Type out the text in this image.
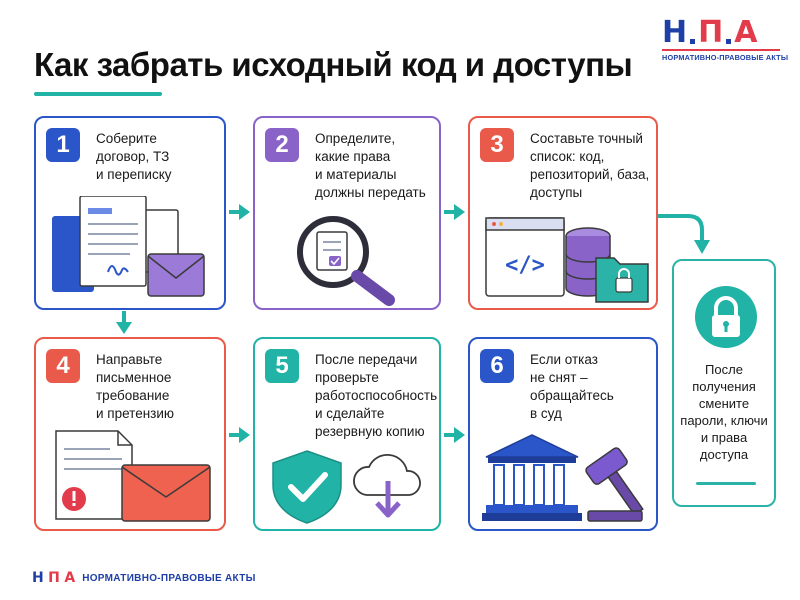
Как забрать исходный код и доступы
Н П А
НОРМАТИВНО-ПРАВОВЫЕ АКТЫ
1	Соберите
договор, ТЗ
и переписку
2	Определите,
какие права
и материалы
должны передать
3	Составьте точный
список: код,
репозиторий, база,
доступы
</>
4	Направьте
письменное
требование
и претензию
5	После передачи
проверьте
работоспособность
и сделайте
резервную копию
6	Если отказ
не снят –
обращайтесь
в суд
После
получения
смените
пароли, ключи
и права
доступа
Н П А НОРМАТИВНО-ПРАВОВЫЕ АКТЫ
